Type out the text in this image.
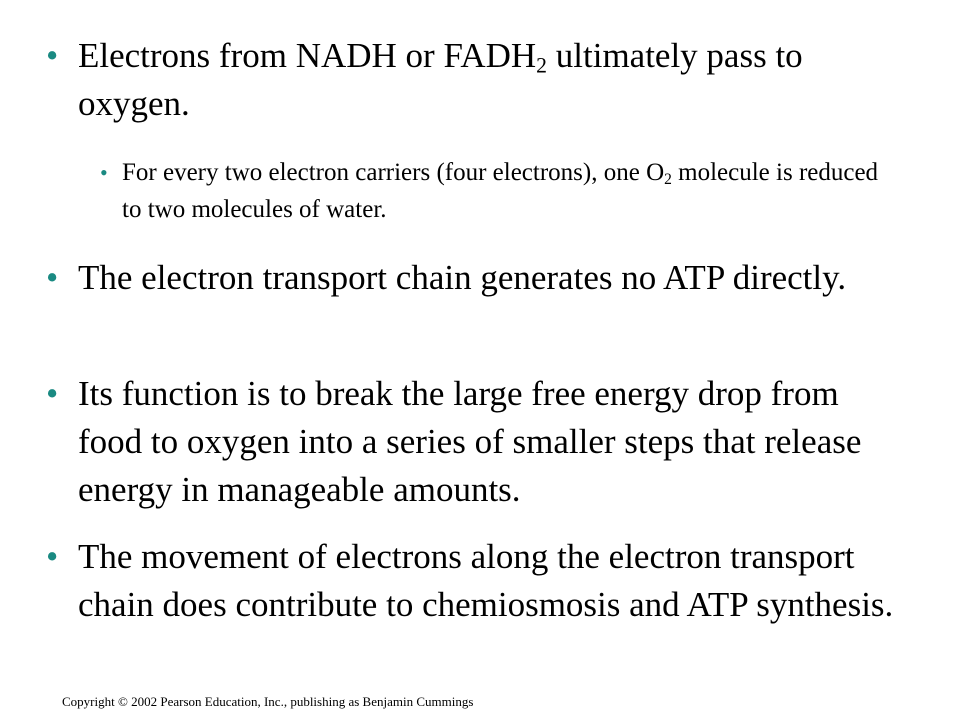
• Electrons from NADH or $FADH_2$ ultimately pass to oxygen.
• For every two electron carriers (four electrons), one $O_2$ molecule is reduced to two molecules of water.
• The electron transport chain generates no ATP directly.
• Its function is to break the large free energy drop from food to oxygen into a series of smaller steps that release energy in manageable amounts.
• The movement of electrons along the electron transport chain does contribute to chemiosmosis and ATP synthesis.
Copyright © 2002 Pearson Education, Inc., publishing as Benjamin Cummings
